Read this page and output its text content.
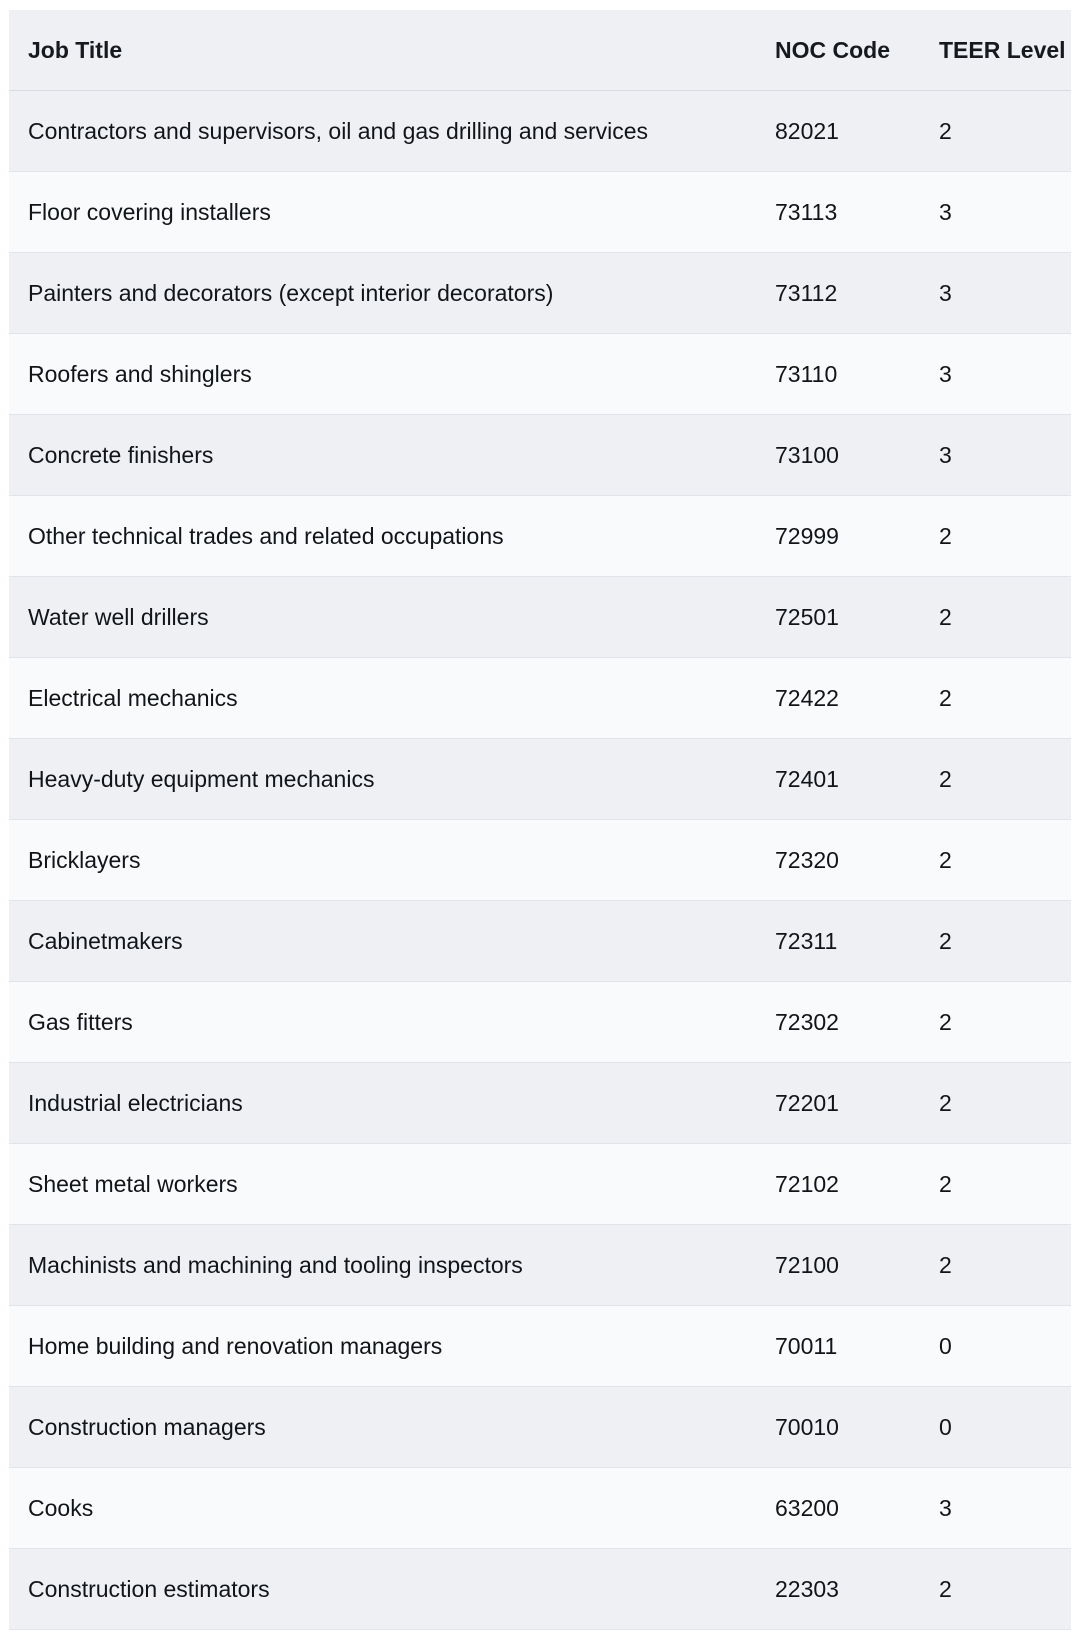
Job Title	NOC Code	TEER Level
Contractors and supervisors, oil and gas drilling and services	82021	2
Floor covering installers	73113	3
Painters and decorators (except interior decorators)	73112	3
Roofers and shinglers	73110	3
Concrete finishers	73100	3
Other technical trades and related occupations	72999	2
Water well drillers	72501	2
Electrical mechanics	72422	2
Heavy-duty equipment mechanics	72401	2
Bricklayers	72320	2
Cabinetmakers	72311	2
Gas fitters	72302	2
Industrial electricians	72201	2
Sheet metal workers	72102	2
Machinists and machining and tooling inspectors	72100	2
Home building and renovation managers	70011	0
Construction managers	70010	0
Cooks	63200	3
Construction estimators	22303	2
